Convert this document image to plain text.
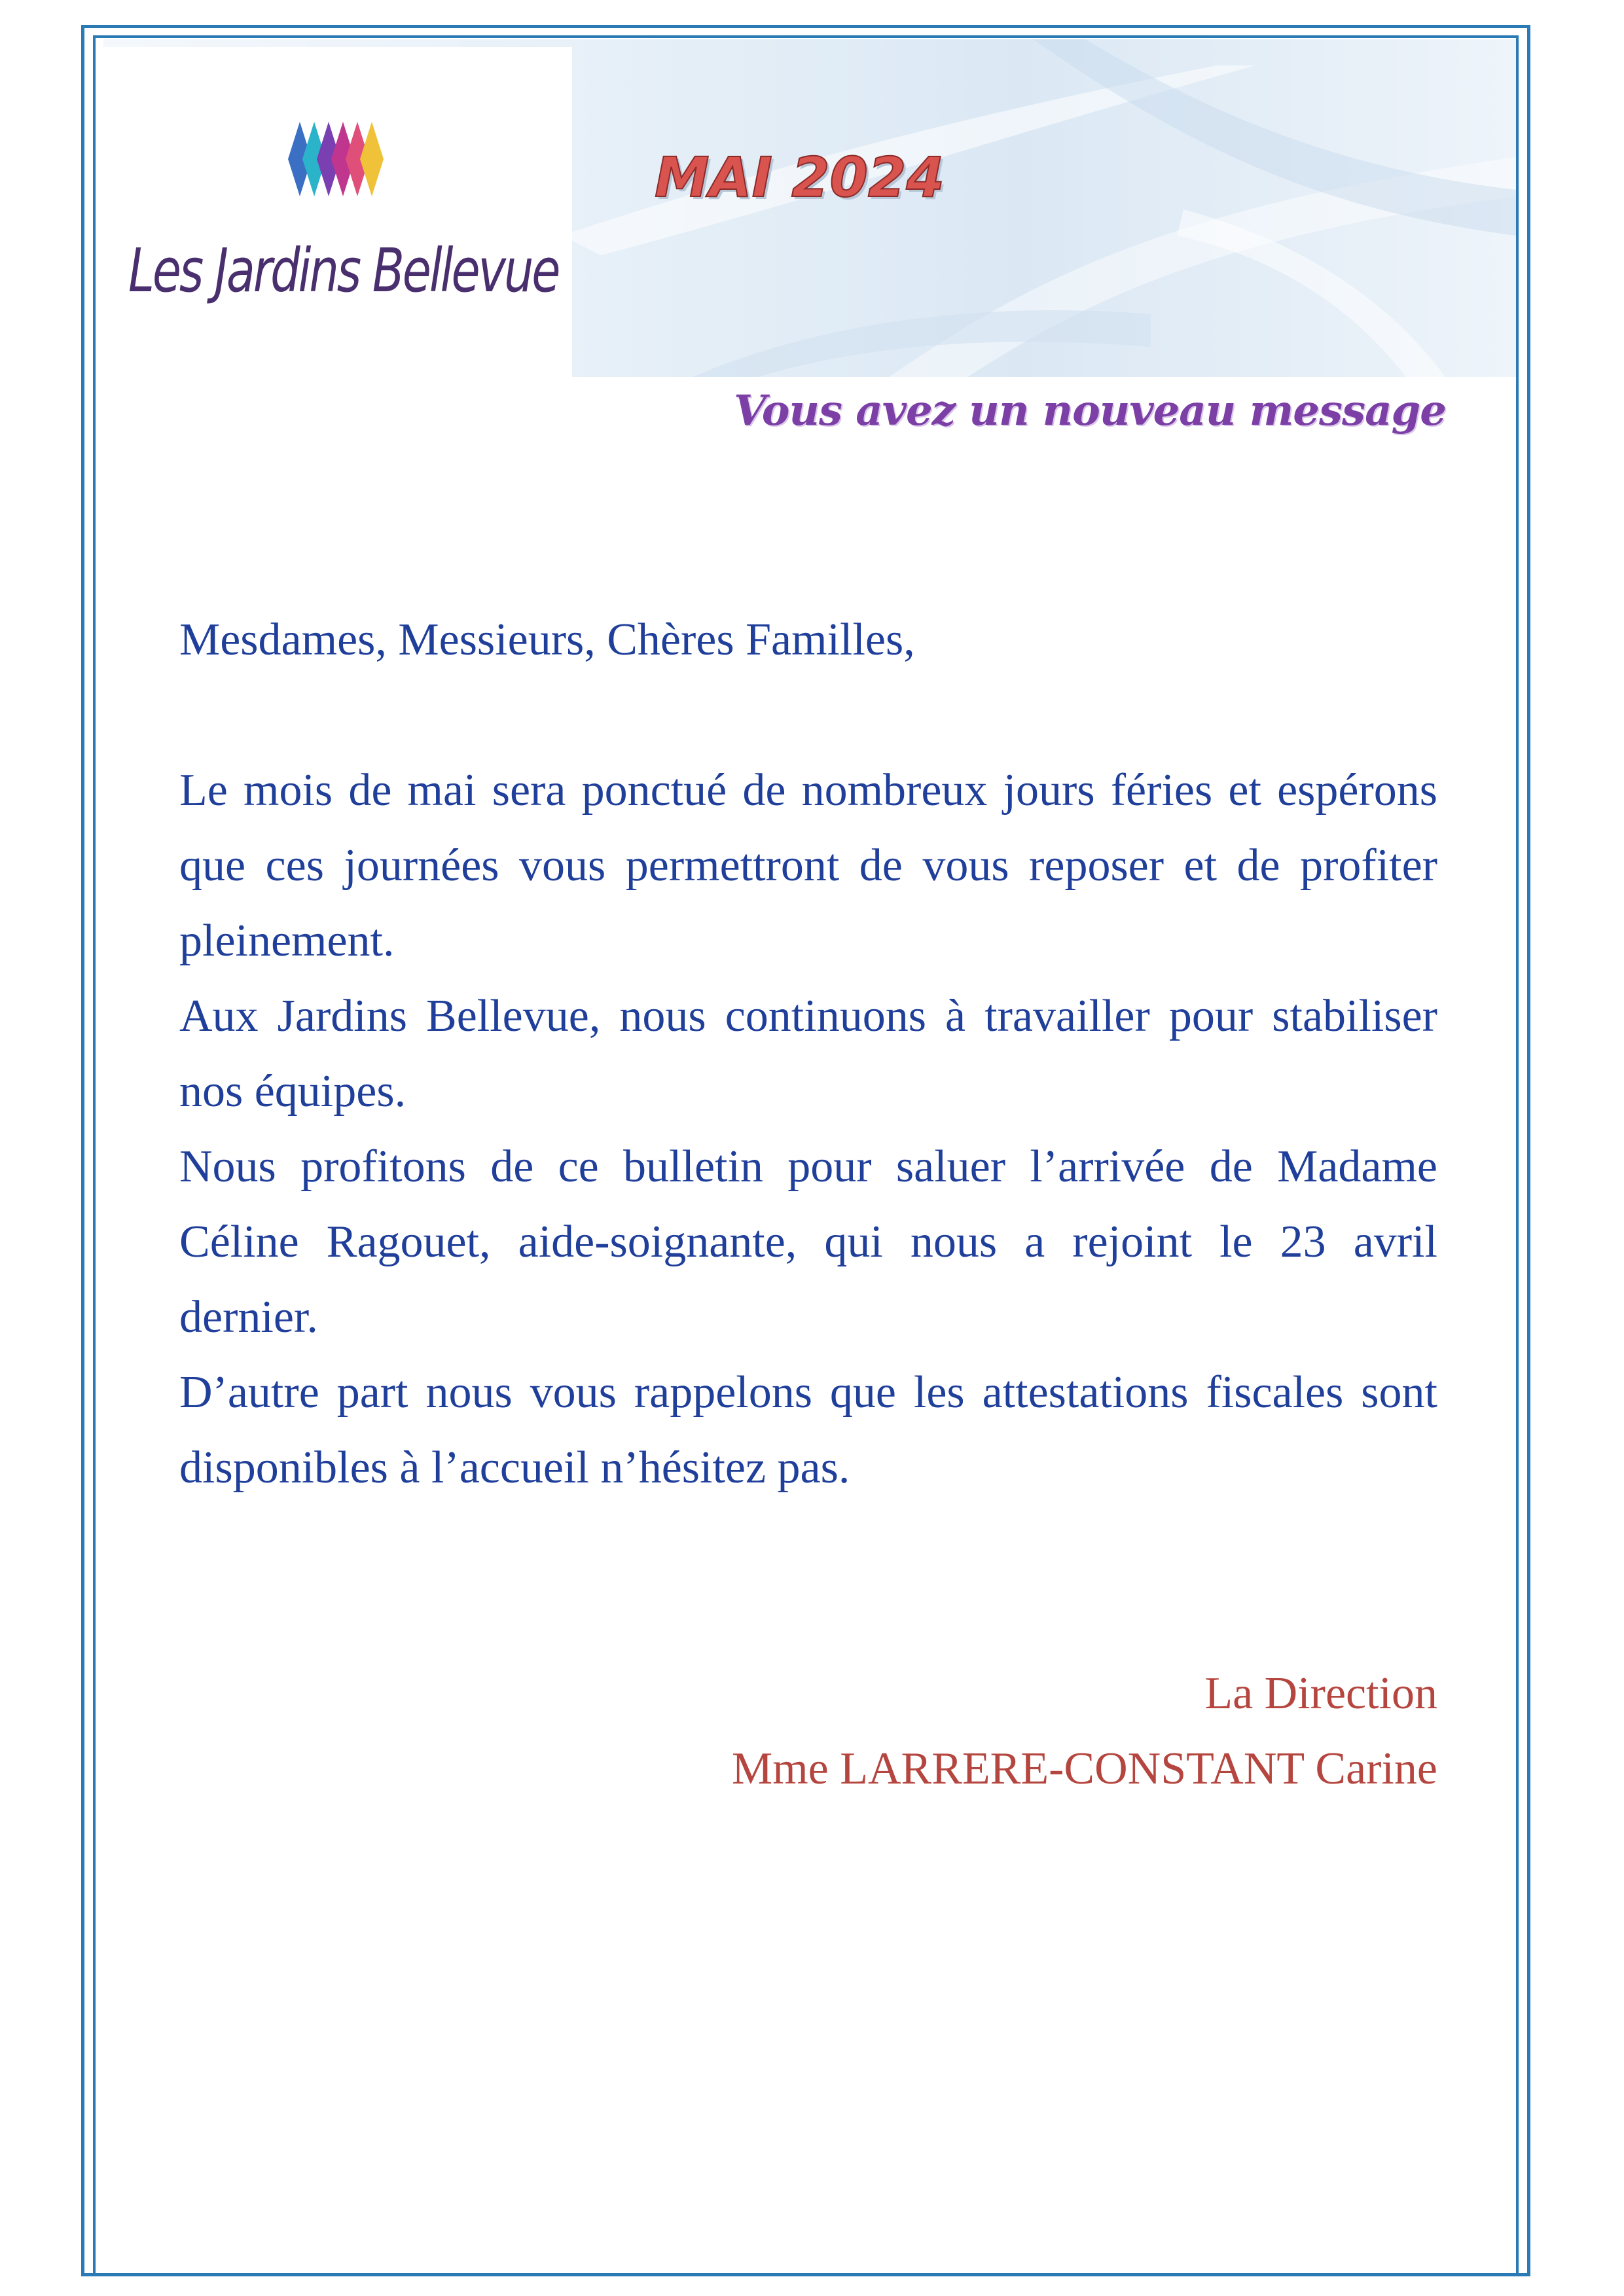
Les Jardins Bellevue
MAI 2024
Vous avez un nouveau message

Mesdames, Messieurs, Chères Familles,

Le mois de mai sera ponctué de nombreux jours féries et espérons que ces journées vous permettront de vous reposer et de profiter pleinement.

Aux Jardins Bellevue, nous continuons à travailler pour stabiliser nos équipes.

Nous profitons de ce bulletin pour saluer l’arrivée de Madame Céline Ragouet, aide-soignante, qui nous a rejoint le 23 avril dernier.

D’autre part nous vous rappelons que les attestations fiscales sont disponibles à l’accueil n’hésitez pas.

La Direction
Mme LARRERE-CONSTANT Carine
